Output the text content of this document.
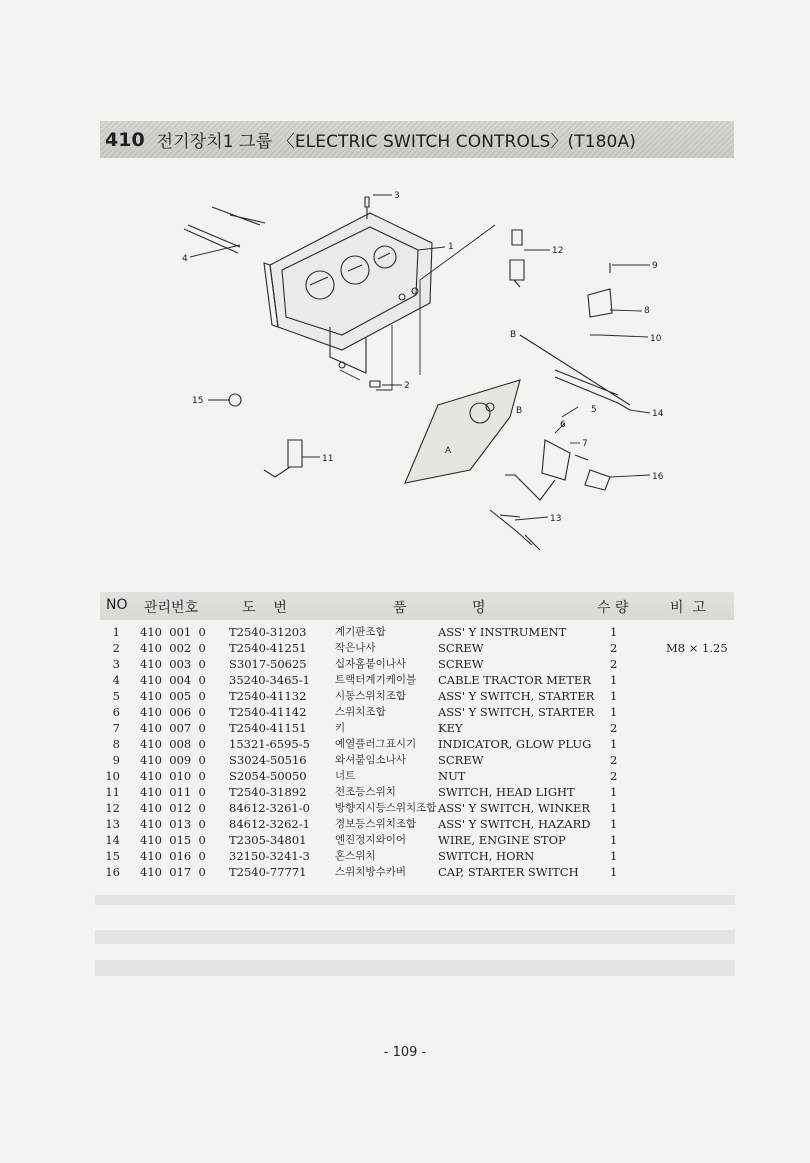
410 전기장치1 그룹 〈ELECTRIC SWITCH CONTROLS〉(T180A)
1
2
3
4
5
6
7
8
9
10
11
12
13
14
15
16
A
B
B
NO 관리번호	도    번	품	명	수 량	비  고
1 410  001  0 T2540-31203	계기판조합	ASS' Y INSTRUMENT	1
2 410  002  0 T2540-41251	작은나사	SCREW	2	M8 × 1.25
3 410  003  0 S3017-50625	십자홈붙이나사	SCREW	2
4 410  004  0 35240-3465-1 트랙터계기케이블 CABLE TRACTOR METER 1
5 410  005  0 T2540-41132	시동스위치조합	ASS' Y SWITCH, STARTER 1
6 410  006  0 T2540-41142	스위치조합	ASS' Y SWITCH, STARTER 1
7 410  007  0 T2540-41151	키	KEY	2
8 410  008  0 15321-6595-5 예열플러그표시기 INDICATOR, GLOW PLUG 1
9 410  009  0 S3024-50516	와셔붙임소나사	SCREW	2
10 410  010  0 S2054-50050	너트	NUT	2
11 410  011  0 T2540-31892	전조등스위치	SWITCH, HEAD LIGHT	1
12 410  012  0 84612-3261-0 방향지시등스위치조합 ASS' Y SWITCH, WINKER 1
13 410  013  0 84612-3262-1 경보등스위치조합 ASS' Y SWITCH, HAZARD 1
14 410  015  0 T2305-34801	엔진정지와이어	WIRE, ENGINE STOP	1
15 410  016  0 32150-3241-3 혼스위치	SWITCH, HORN	1
16 410  017  0 T2540-77771	스위치방수카버	CAP, STARTER SWITCH	1
- 109 -
